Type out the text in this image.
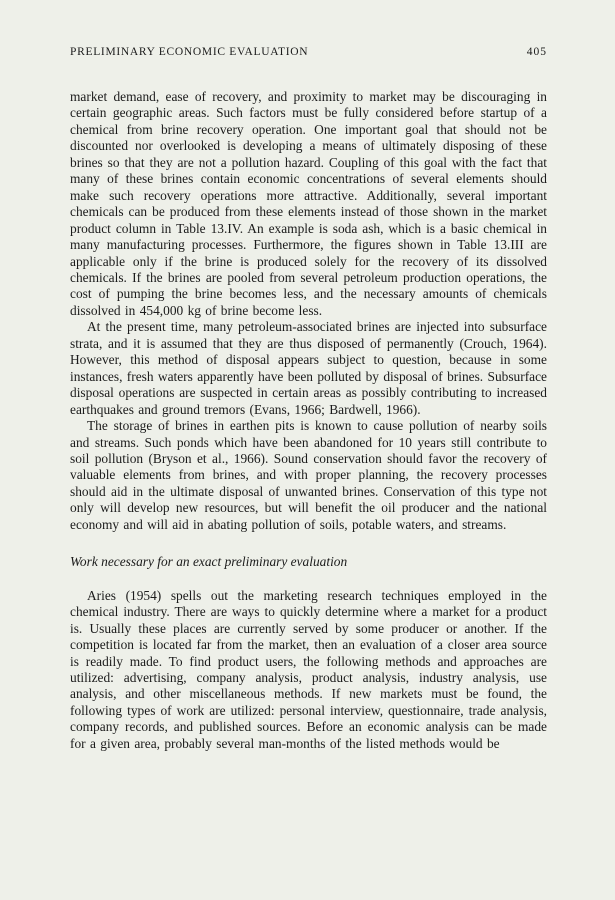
PRELIMINARY ECONOMIC EVALUATION	405

market demand, ease of recovery, and proximity to market may be discouraging in certain geographic areas. Such factors must be fully considered before startup of a chemical from brine recovery operation. One important goal that should not be discounted nor overlooked is developing a means of ultimately disposing of these brines so that they are not a pollution hazard. Coupling of this goal with the fact that many of these brines contain economic concentrations of several elements should make such recovery operations more attractive. Additionally, several important chemicals can be produced from these elements instead of those shown in the market product column in Table 13.IV. An example is soda ash, which is a basic chemical in many manufacturing processes. Furthermore, the figures shown in Table 13.III are applicable only if the brine is produced solely for the recovery of its dissolved chemicals. If the brines are pooled from several petroleum production operations, the cost of pumping the brine becomes less, and the necessary amounts of chemicals dissolved in 454,000 kg of brine become less.

At the present time, many petroleum-associated brines are injected into subsurface strata, and it is assumed that they are thus disposed of permanently (Crouch, 1964). However, this method of disposal appears subject to question, because in some instances, fresh waters apparently have been polluted by disposal of brines. Subsurface disposal operations are suspected in certain areas as possibly contributing to increased earthquakes and ground tremors (Evans, 1966; Bardwell, 1966).

The storage of brines in earthen pits is known to cause pollution of nearby soils and streams. Such ponds which have been abandoned for 10 years still contribute to soil pollution (Bryson et al., 1966). Sound conservation should favor the recovery of valuable elements from brines, and with proper planning, the recovery processes should aid in the ultimate disposal of unwanted brines. Conservation of this type not only will develop new resources, but will benefit the oil producer and the national economy and will aid in abating pollution of soils, potable waters, and streams.

Work necessary for an exact preliminary evaluation

Aries (1954) spells out the marketing research techniques employed in the chemical industry. There are ways to quickly determine where a market for a product is. Usually these places are currently served by some producer or another. If the competition is located far from the market, then an evaluation of a closer area source is readily made. To find product users, the following methods and approaches are utilized: advertising, company analysis, product analysis, industry analysis, use analysis, and other miscellaneous methods. If new markets must be found, the following types of work are utilized: personal interview, questionnaire, trade analysis, company records, and published sources. Before an economic analysis can be made for a given area, probably several man-months of the listed methods would be
